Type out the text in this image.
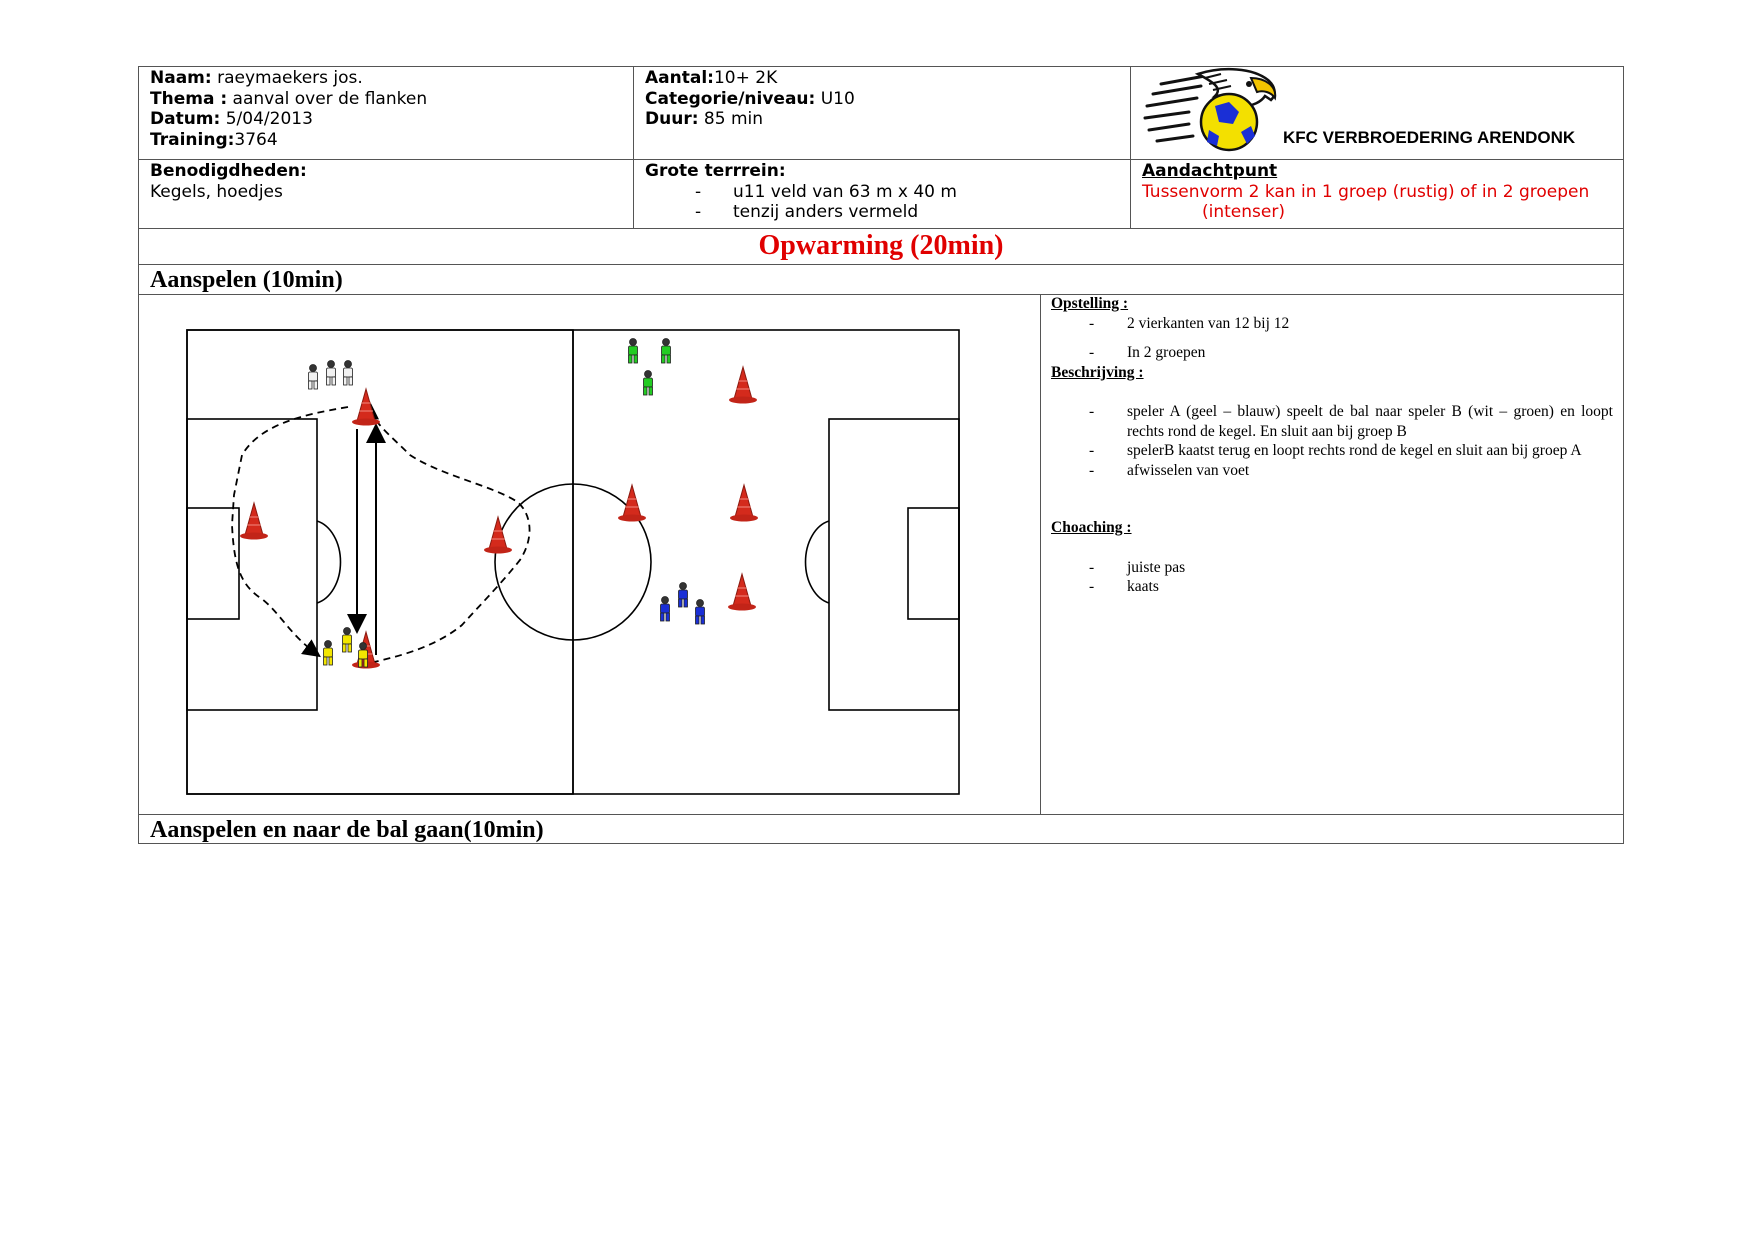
Naam: raeymaekers jos.
Thema : aanval over de flanken
Datum: 5/04/2013
Training:3764
Aantal:10+ 2K
Categorie/niveau: U10
Duur: 85 min
KFC VERBROEDERING ARENDONK
Benodigdheden:
Kegels, hoedjes
Grote terrrein:
- u11 veld van 63 m x 40 m
- tenzij anders vermeld
Aandachtpunt
Tussenvorm 2 kan in 1 groep (rustig) of in 2 groepen
(intenser)
Opwarming (20min)
Aanspelen (10min)
Opstelling :
- 2 vierkanten van 12 bij 12
- In 2 groepen
Beschrijving :
- speler A (geel – blauw) speelt de bal naar speler B (wit – groen) en loopt rechts rond de kegel. En sluit aan bij groep B
- spelerB kaatst terug en loopt rechts rond de kegel en sluit aan bij groep A
- afwisselen van voet
Choaching :
- juiste pas
- kaats
Aanspelen en naar de bal gaan(10min)
